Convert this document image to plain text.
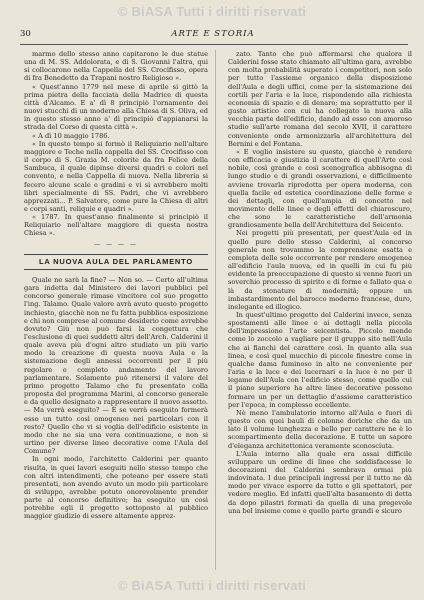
© BiASA Tutti i diritti riservati
30	ARTE E STORIA

marmo dello stesso anno capitarono le due statue una di M. SS. Addolorata, e di S. Giovanni l'altra, qui si collocarono nella Cappella del SS. Crocifisso, opera di fra Benedetto da Trapani nostro Religioso ».

« Quest'anno 1779 nel mese di aprile si gittò la prima pietra della facciata della Madrice di questa città d'Alcamo. E a' dì 8 principiò l'ornamento dei nuovi stucchi di un moderno alla Chiesa di S. Oliva, ed in questo stesso anno a' dì principiò d'appianarsi la strada del Corso di questa città ».

« A dì 10 maggio 1786.

« In questo tempo si formò il Reliquiario nell'altare maggiore e Teche nella cappella del SS. Crocifisso con il corpo di S. Grazia M. colorite da fra Felice della Sambuca, il quale dipinse diversi quadri e colori nel convento, e nella Cappella di nuova. Nella libreria si fecero alcune scale e gradini e vi si avrebbero molti libri specialmente di SS. Padri, che vi avrebbero apprezzati... P. Salvatore, come pure la Chiesa di altri e corpi santi, reliquie e quadri ».

« 1787. In quest'anno finalmente si principiò il Reliquiario nell'altare maggiore di questa nostra Chiesa ».

— — — —
LA NUOVA AULA DEL PARLAMENTO

Quale ne sarà la fine? — Non so. — Certo all'ultima gara indetta dal Ministero dei lavori pubblici pel concorso generale rimase vincitore col suo progetto l'ing. Talamo. Quale valore avrà avuto questo progetto inchiesto, giacchè non ne fu fatta pubblica esposizione e chi non comprese al comune desiderio come avrebbe dovuto? Giù non può farsi la congettura che l'esclusione di quei suddetti altri dell'Arch. Calderini il quale aveva più d'ogni altro studiato un più vario modo la creazione di questa nuova Aula e la sistemazione degli annessi occorrenti per il più regolare e completo andamento del lavoro parlamentare. Solamente può ritenersi il valore del primo progetto Talamo che fu presentato colla proposta del programma Marini, al concorso generale e da quello designato a rappresentare il nuovo assetto. — Ma verrà eseguito? — È se verrà eseguito formerà esso un tutto così omogeneo nei particolari con il resto? Quello che vi si voglia dell'edificio esistente in modo che ne sia una vera continuazione, e non si urtino per diverse linee decorative come l'Aula del Comune?

In ogni modo, l'architetto Calderini per quanto risulta, in quei lavori eseguiti nello stesso tempo che con altri intendimenti, che poteano per essere stati presentati, non avendo avuto un modo più particolare di sviluppo, avrebbe potuto onorevolmente prender parte al concorso definitivo; ha eseguito un così potrebbe egli il progetto sottoposto al pubblico maggior giudizio di essere altamente apprez-

zato. Tanto che può affermarsi che qualora il Calderini fosse stato chiamato all'ultima gara, avrebbe con molta probabilità superato i competitori, non solo per tutto l'assieme organico della disposizione dell'Aula e degli uffici, come per la sistemazione dei cortili per l'aria e la luce, rispondendo alla richiesta economia di spazio e di denaro; ma soprattutto per il gusto artistico con cui ha collegato la nuova alla vecchia parte dell'edificio, dando ad esso con amoroso studio sull'arte romana del secolo XVII, il carattere conveniente onde armonizzarla all'architettura del Bernini e del Fontana.

« E voglio insistere su questo, giacchè è rendere con efficacia e giustizia il carattere di quell'Arte così nobile, così grande e così scenografica abbisogna di lungo studio e di grandi osservazioni, e difficilmente avviene trovarla riprodotta per opera moderna, con quella facile ed estetica coordinazione delle forme e dei dettagli, con quell'ampia di concetto nel movimento delle linee e degli effetti del chiaroscuro, che sono le caratteristiche dell'armonia grandiosamente bella dell'Architettura del Seicento.

Nei progetti più presentati, per quest'Aula ed in quello pure dello stesso Calderini, al concorso generale non trovammo la comprensione esatta e completa delle sole occorrente per rendere omogenea all'edificio l'aula nuova, ed in quelli in cui fu più evidente la preoccupazione di questo si venne fuori un soverchio processo di spirito e di forme e fallato qua e là da stonature di modernità; oppure un imbastardimento del barocco moderno francese, duro, inelegante ed illogico.

In quest'ultimo progetto del Calderini invece, senza spostamenti alle linee e ai dettagli nella piccola dell'impressione l'arte seicentista. Piccolo mende come lo zoccolo a vagliare per il gruppo sito nell'Aula che ai fianchi del carattere così. In quanto alla sua linea, e così quel mucchio di piccole finestre come in qualche dama fuminoso in alto ne conveniente per l'aria e la luce e dei lucernari e la luce è ne per il legame dell'Aula con l'edificio stesso, come quello cui il piano superiore ha altre linee decorative possono formare un per un dettaglio d'assieme caratteristico per l'epoca, in complesso eccellente.

Nè meno l'ambulatorio intorno all'Aula e fuori di questo con quei bauli di colonne doriche che da un lato il volume lunghezza e bello per carattere ne è lo scompartimento della decorazione. E tutte un sapore d'eleganza architettonica veramente sconosciuta.

L'Aula interno alla quale era assai difficile sviluppare un ordine di linee che soddisfacesse le decorazioni del Calderini sembrava ormai più indovinata. I due principali ingressi per il tutto ne dà modo per vivace esporre da tutto e gli spettatori, per vedere meglio. Ed infatti quell'alta basamento di detta da dopo pilastri formati da quella di una pregevole una bel insieme come e quello parte grandi e sicuro

© BiASA Tutti i diritti riservati
